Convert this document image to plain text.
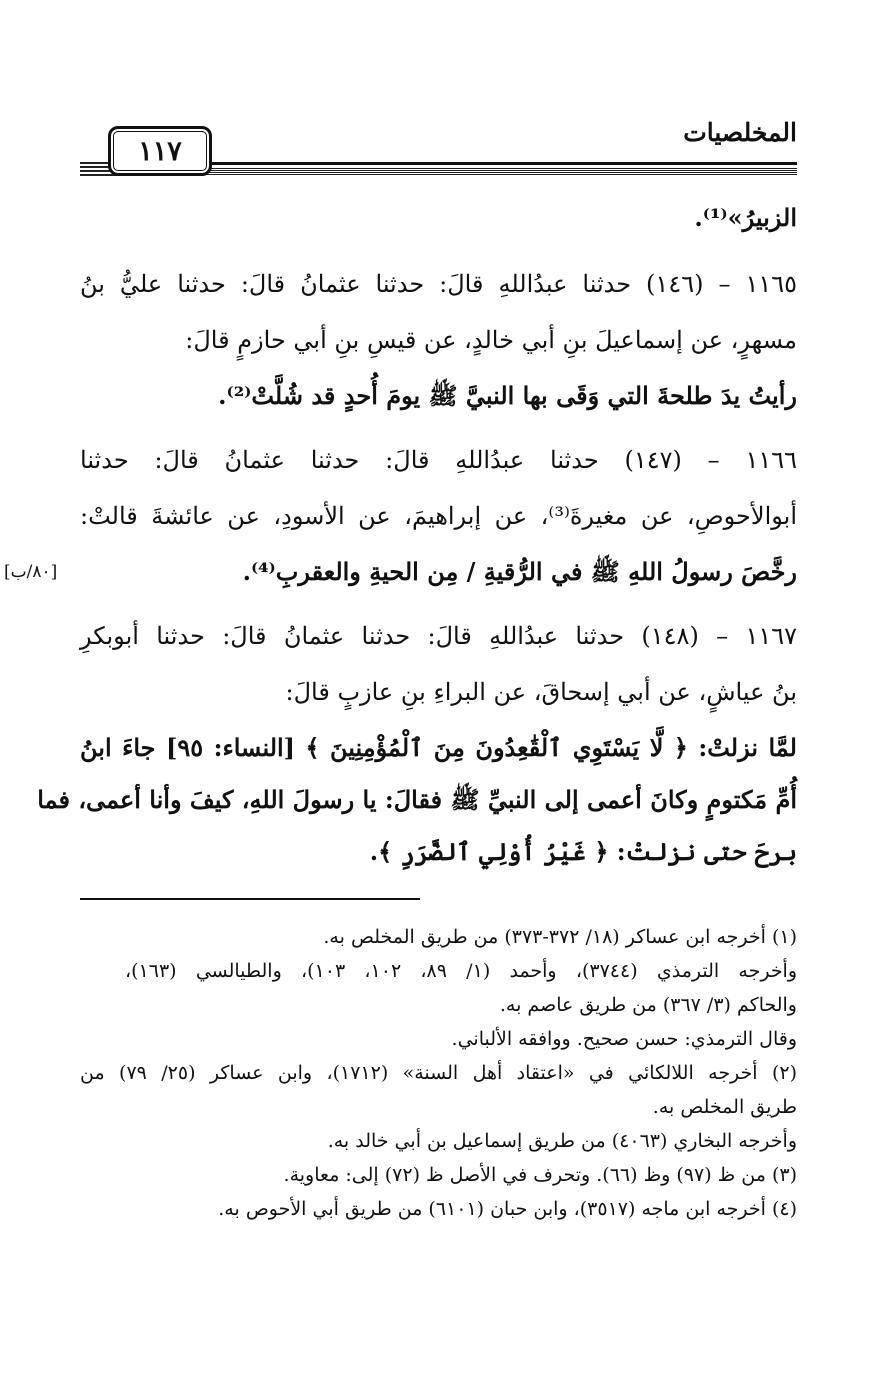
المخلصيات
١١٧
الزبيرُ»⁽¹⁾.
١١٦٥ – (١٤٦) حدثنا عبدُاللهِ قالَ: حدثنا عثمانُ قالَ: حدثنا عليُّ بنُ
مسهرٍ، عن إسماعيلَ بنِ أبي خالدٍ، عن قيسِ بنِ أبي حازمٍ قالَ:
رأيتُ يدَ طلحةَ التي وَقَى بها النبيَّ ﷺ يومَ أُحدٍ قد شُلَّتْ⁽²⁾.
١١٦٦ – (١٤٧) حدثنا عبدُاللهِ قالَ: حدثنا عثمانُ قالَ: حدثنا
أبوالأحوصِ، عن مغيرةَ⁽³⁾، عن إبراهيمَ، عن الأسودِ، عن عائشةَ قالتْ:
رخَّصَ رسولُ اللهِ ﷺ في الرُّقيةِ / مِن الحيةِ والعقربِ⁽⁴⁾.
١١٦٧ – (١٤٨) حدثنا عبدُاللهِ قالَ: حدثنا عثمانُ قالَ: حدثنا أبوبكرِ
بنُ عياشٍ، عن أبي إسحاقَ، عن البراءِ بنِ عازبٍ قالَ:
لمَّا نزلتْ: ﴿ لَّا يَسْتَوِي ٱلْقَٰعِدُونَ مِنَ ٱلْمُؤْمِنِينَ ﴾ [النساء: ٩٥] جاءَ ابنُ
أُمِّ مَكتومٍ وكانَ أعمى إلى النبيِّ ﷺ فقالَ: يا رسولَ اللهِ، كيفَ وأنا أعمى، فما
برحَ حتى نزلتْ: ﴿ غَيْرُ أُوْلِي ٱلضَّرَرِ ﴾.
[٨٠/ب]
(١) أخرجه ابن عساكر (١٨/ ٣٧٢-٣٧٣) من طريق المخلص به.
وأخرجه الترمذي (٣٧٤٤)، وأحمد (١/ ٨٩، ١٠٢، ١٠٣)، والطيالسي (١٦٣)،
والحاكم (٣/ ٣٦٧) من طريق عاصم به.
وقال الترمذي: حسن صحيح. ووافقه الألباني.
(٢) أخرجه اللالكائي في «اعتقاد أهل السنة» (١٧١٢)، وابن عساكر (٢٥/ ٧٩) من
طريق المخلص به.
وأخرجه البخاري (٤٠٦٣) من طريق إسماعيل بن أبي خالد به.
(٣) من ظ (٩٧) وظ (٦٦). وتحرف في الأصل ظ (٧٢) إلى: معاوية.
(٤) أخرجه ابن ماجه (٣٥١٧)، وابن حبان (٦١٠١) من طريق أبي الأحوص به.
